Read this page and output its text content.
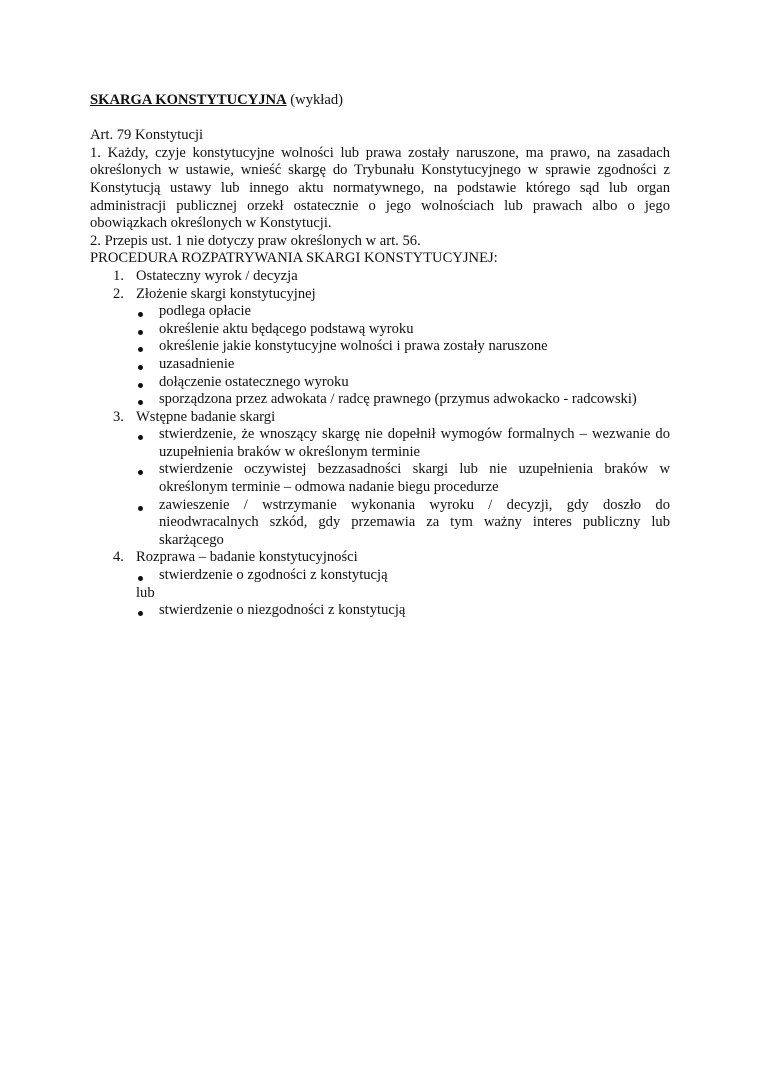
SKARGA KONSTYTUCYJNA (wykład)

Art. 79 Konstytucji

1. Każdy, czyje konstytucyjne wolności lub prawa zostały naruszone, ma prawo, na zasadach określonych w ustawie, wnieść skargę do Trybunału Konstytucyjnego w sprawie zgodności z Konstytucją ustawy lub innego aktu normatywnego, na podstawie którego sąd lub organ administracji publicznej orzekł ostatecznie o jego wolnościach lub prawach albo o jego obowiązkach określonych w Konstytucji.

2. Przepis ust. 1 nie dotyczy praw określonych w art. 56.

PROCEDURA ROZPATRYWANIA SKARGI KONSTYTUCYJNEJ:

1. Ostateczny wyrok / decyzja
2. Złożenie skargi konstytucyjnej
podlega opłacie
określenie aktu będącego podstawą wyroku
określenie jakie konstytucyjne wolności i prawa zostały naruszone
uzasadnienie
dołączenie ostatecznego wyroku
sporządzona przez adwokata / radcę prawnego (przymus adwokacko - radcowski)
3. Wstępne badanie skargi
stwierdzenie, że wnoszący skargę nie dopełnił wymogów formalnych – wezwanie do uzupełnienia braków w określonym terminie
stwierdzenie oczywistej bezzasadności skargi lub nie uzupełnienia braków w określonym terminie – odmowa nadanie biegu procedurze
zawieszenie / wstrzymanie wykonania wyroku / decyzji, gdy doszło do nieodwracalnych szkód, gdy przemawia za tym ważny interes publiczny lub skarżącego
4. Rozprawa – badanie konstytucyjności
stwierdzenie o zgodności z konstytucją

lub

stwierdzenie o niezgodności z konstytucją
